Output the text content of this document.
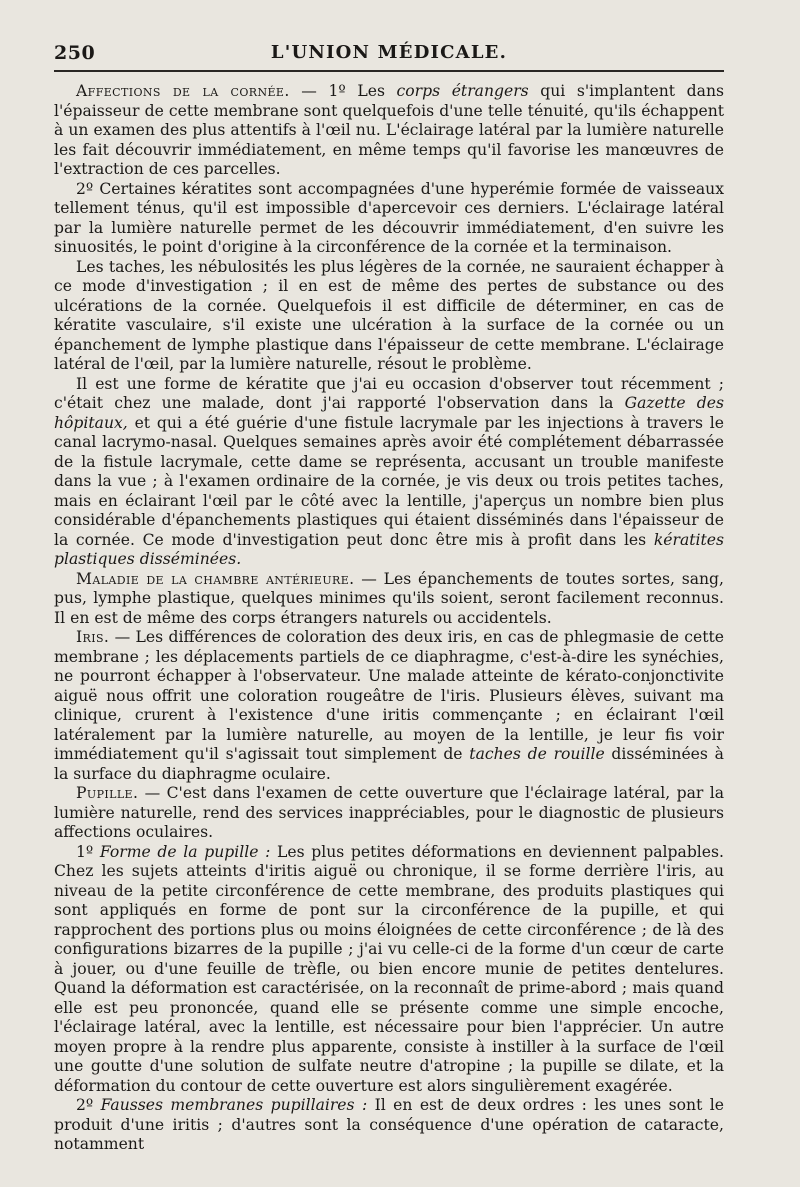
250	L'UNION MÉDICALE.

Affections de la cornée. — 1º Les corps étrangers qui s'implantent dans l'épaisseur de cette membrane sont quelquefois d'une telle ténuité, qu'ils échappent à un examen des plus attentifs à l'œil nu. L'éclairage latéral par la lumière naturelle les fait découvrir immédiatement, en même temps qu'il favorise les manœuvres de l'extraction de ces parcelles.

2º Certaines kératites sont accompagnées d'une hyperémie formée de vaisseaux tellement ténus, qu'il est impossible d'apercevoir ces derniers. L'éclairage latéral par la lumière naturelle permet de les découvrir immédiatement, d'en suivre les sinuosités, le point d'origine à la circonférence de la cornée et la terminaison.

Les taches, les nébulosités les plus légères de la cornée, ne sauraient échapper à ce mode d'investigation ; il en est de même des pertes de substance ou des ulcérations de la cornée. Quelquefois il est difficile de déterminer, en cas de kératite vasculaire, s'il existe une ulcération à la surface de la cornée ou un épanchement de lymphe plastique dans l'épaisseur de cette membrane. L'éclairage latéral de l'œil, par la lumière naturelle, résout le problème.

Il est une forme de kératite que j'ai eu occasion d'observer tout récemment ; c'était chez une malade, dont j'ai rapporté l'observation dans la Gazette des hôpitaux, et qui a été guérie d'une fistule lacrymale par les injections à travers le canal lacrymo-nasal. Quelques semaines après avoir été complétement débarrassée de la fistule lacrymale, cette dame se représenta, accusant un trouble manifeste dans la vue ; à l'examen ordinaire de la cornée, je vis deux ou trois petites taches, mais en éclairant l'œil par le côté avec la lentille, j'aperçus un nombre bien plus considérable d'épanchements plastiques qui étaient disséminés dans l'épaisseur de la cornée. Ce mode d'investigation peut donc être mis à profit dans les kératites plastiques disséminées.

Maladie de la chambre antérieure. — Les épanchements de toutes sortes, sang, pus, lymphe plastique, quelques minimes qu'ils soient, seront facilement reconnus. Il en est de même des corps étrangers naturels ou accidentels.

Iris. — Les différences de coloration des deux iris, en cas de phlegmasie de cette membrane ; les déplacements partiels de ce diaphragme, c'est-à-dire les synéchies, ne pourront échapper à l'observateur. Une malade atteinte de kérato-conjonctivite aiguë nous offrit une coloration rougeâtre de l'iris. Plusieurs élèves, suivant ma clinique, crurent à l'existence d'une iritis commençante ; en éclairant l'œil latéralement par la lumière naturelle, au moyen de la lentille, je leur fis voir immédiatement qu'il s'agissait tout simplement de taches de rouille disséminées à la surface du diaphragme oculaire.

Pupille. — C'est dans l'examen de cette ouverture que l'éclairage latéral, par la lumière naturelle, rend des services inappréciables, pour le diagnostic de plusieurs affections oculaires.

1º Forme de la pupille : Les plus petites déformations en deviennent palpables. Chez les sujets atteints d'iritis aiguë ou chronique, il se forme derrière l'iris, au niveau de la petite circonférence de cette membrane, des produits plastiques qui sont appliqués en forme de pont sur la circonférence de la pupille, et qui rapprochent des portions plus ou moins éloignées de cette circonférence ; de là des configurations bizarres de la pupille ; j'ai vu celle-ci de la forme d'un cœur de carte à jouer, ou d'une feuille de trèfle, ou bien encore munie de petites dentelures. Quand la déformation est caractérisée, on la reconnaît de prime-abord ; mais quand elle est peu prononcée, quand elle se présente comme une simple encoche, l'éclairage latéral, avec la lentille, est nécessaire pour bien l'apprécier. Un autre moyen propre à la rendre plus apparente, consiste à instiller à la surface de l'œil une goutte d'une solution de sulfate neutre d'atropine ; la pupille se dilate, et la déformation du contour de cette ouverture est alors singulièrement exagérée.

2º Fausses membranes pupillaires : Il en est de deux ordres : les unes sont le produit d'une iritis ; d'autres sont la conséquence d'une opération de cataracte, notamment
